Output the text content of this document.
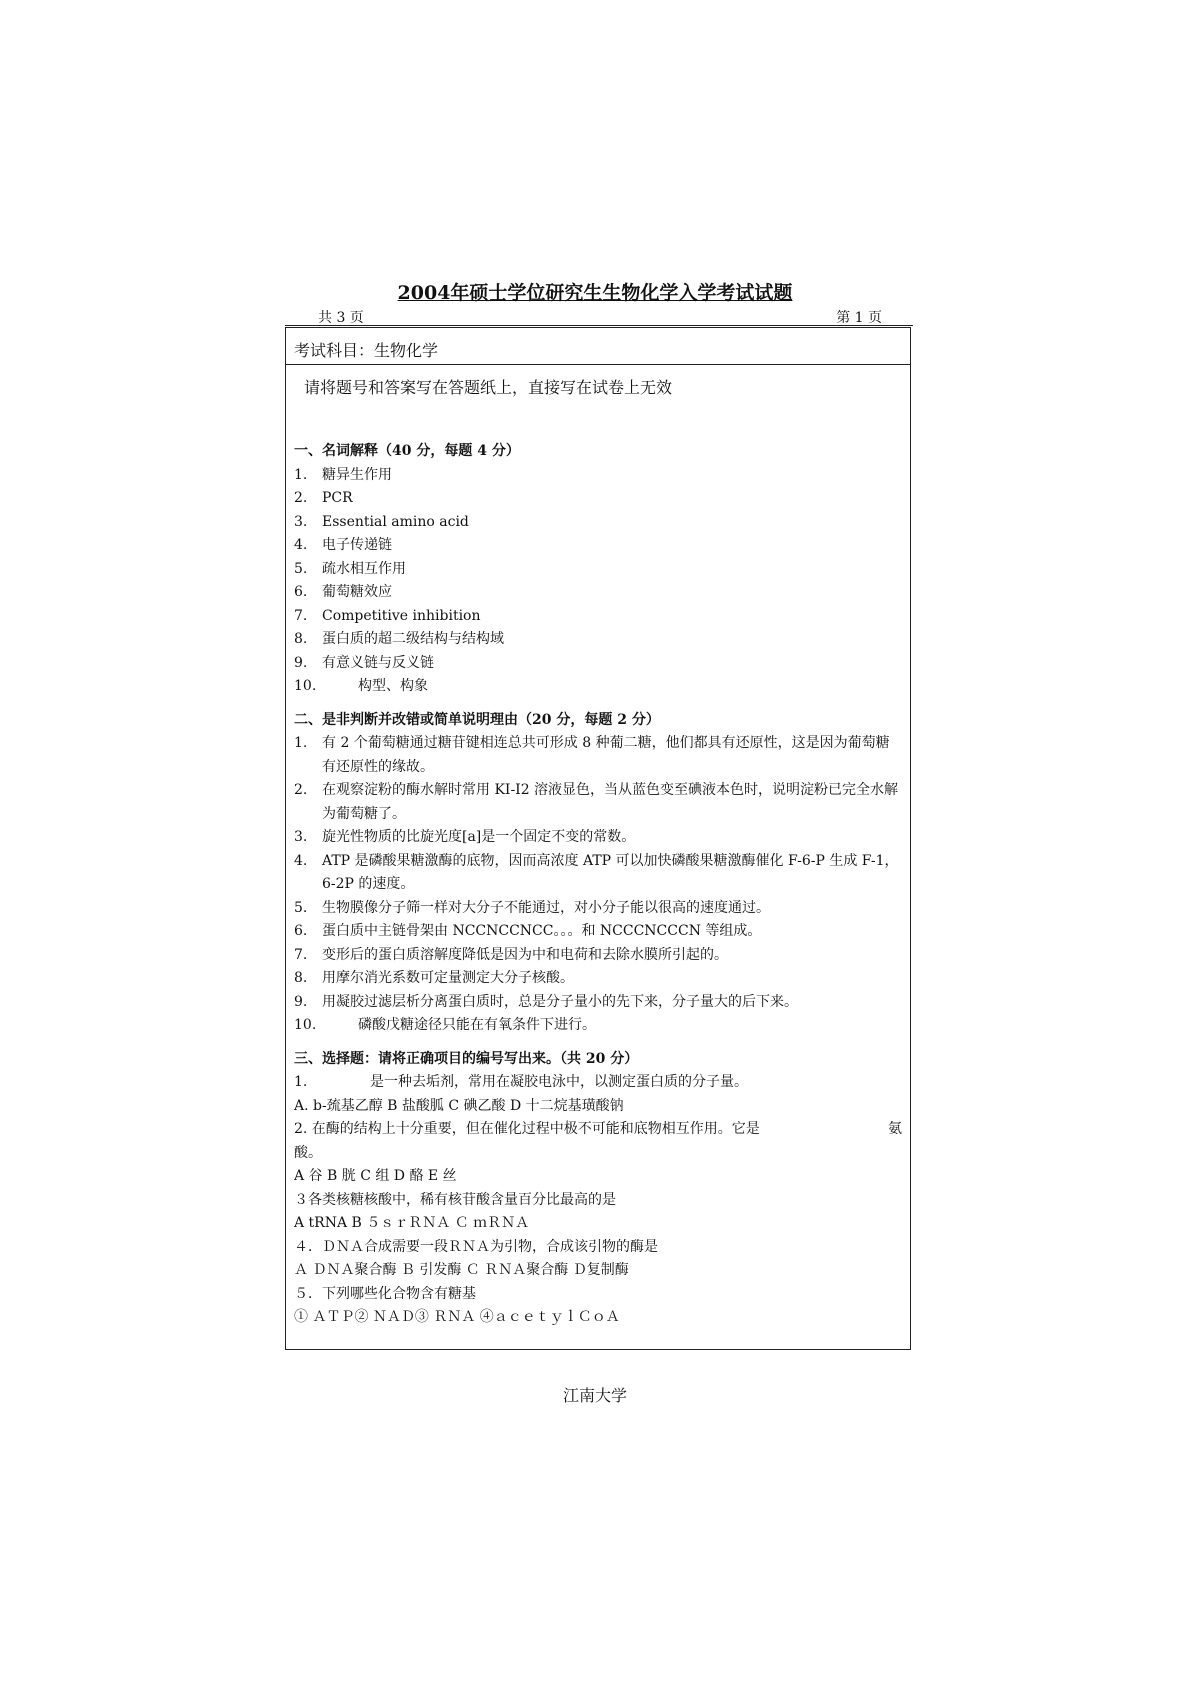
2004年硕士学位研究生生物化学入学考试试题
共 3 页	第 1 页
考试科目：生物化学
请将题号和答案写在答题纸上，直接写在试卷上无效
一、名词解释（40 分，每题 4 分）
1.	糖异生作用
2.	PCR
3.	Essential amino acid
4.	电子传递链
5.	疏水相互作用
6.	葡萄糖效应
7.	Competitive inhibition
8.	蛋白质的超二级结构与结构域
9.	有意义链与反义链
10.	构型、构象
二、是非判断并改错或简单说明理由（20 分，每题 2 分）
1.	有 2 个葡萄糖通过糖苷键相连总共可形成 8 种葡二糖，他们都具有还原性，这是因为葡萄糖有还原性的缘故。
2.	在观察淀粉的酶水解时常用 KI-I2 溶液显色，当从蓝色变至碘液本色时，说明淀粉已完全水解为葡萄糖了。
3.	旋光性物质的比旋光度[a]是一个固定不变的常数。
4.	ATP 是磷酸果糖激酶的底物，因而高浓度 ATP 可以加快磷酸果糖激酶催化 F-6-P 生成 F-1，6-2P 的速度。
5.	生物膜像分子筛一样对大分子不能通过，对小分子能以很高的速度通过。
6.	蛋白质中主链骨架由 NCCNCCNCC。。。和 NCCCNCCCN 等组成。
7.	变形后的蛋白质溶解度降低是因为中和电荷和去除水膜所引起的。
8.	用摩尔消光系数可定量测定大分子核酸。
9.	用凝胶过滤层析分离蛋白质时，总是分子量小的先下来，分子量大的后下来。
10.	磷酸戊糖途径只能在有氧条件下进行。
三、选择题：请将正确项目的编号写出来。（共 20 分）
1.	是一种去垢剂，常用在凝胶电泳中，以测定蛋白质的分子量。
A. b-巯基乙醇 B 盐酸胍 C 碘乙酸 D 十二烷基璜酸钠
2. 在酶的结构上十分重要，但在催化过程中极不可能和底物相互作用。它是	氨
酸。
A 谷 B 胱 C 组 D 酪 E 丝
３各类核糖核酸中，稀有核苷酸含量百分比最高的是
A tRNA B ５ｓｒＲＮＡ Ｃ ｍＲＮＡ
４．ＤＮＡ合成需要一段ＲＮＡ为引物，合成该引物的酶是
Ａ ＤＮＡ聚合酶 Ｂ 引发酶 Ｃ ＲＮＡ聚合酶 Ｄ复制酶
５．下列哪些化合物含有糖基
① ＡＴＰ② ＮＡＤ③ ＲＮＡ ④ａｃｅｔｙｌＣｏＡ
江南大学
